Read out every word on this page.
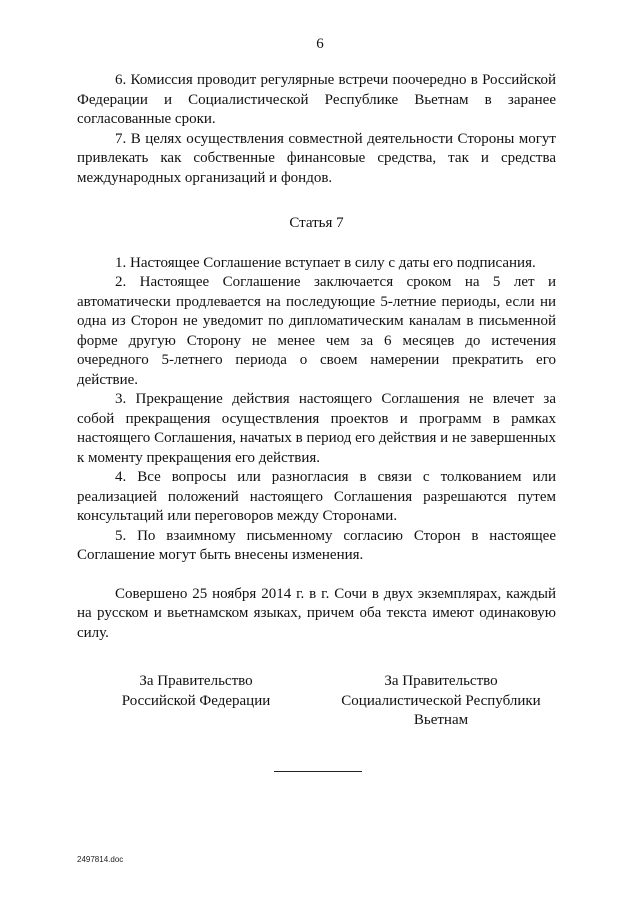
6

6. Комиссия проводит регулярные встречи поочередно в Российской Федерации и Социалистической Республике Вьетнам в заранее согласованные сроки.

7. В целях осуществления совместной деятельности Стороны могут привлекать как собственные финансовые средства, так и средства международных организаций и фондов.

Статья 7

1. Настоящее Соглашение вступает в силу с даты его подписания.

2. Настоящее Соглашение заключается сроком на 5 лет и автоматически продлевается на последующие 5-летние периоды, если ни одна из Сторон не уведомит по дипломатическим каналам в письменной форме другую Сторону не менее чем за 6 месяцев до истечения очередного 5-летнего периода о своем намерении прекратить его действие.

3. Прекращение действия настоящего Соглашения не влечет за собой прекращения осуществления проектов и программ в рамках настоящего Соглашения, начатых в период его действия и не завершенных к моменту прекращения его действия.

4. Все вопросы или разногласия в связи с толкованием или реализацией положений настоящего Соглашения разрешаются путем консультаций или переговоров между Сторонами.

5. По взаимному письменному согласию Сторон в настоящее Соглашение могут быть внесены изменения.

Совершено 25 ноября 2014 г. в г. Сочи в двух экземплярах, каждый на русском и вьетнамском языках, причем оба текста имеют одинаковую силу.

За Правительство
Российской Федерации
За Правительство
Социалистической Республики
Вьетнам
2497814.doc
